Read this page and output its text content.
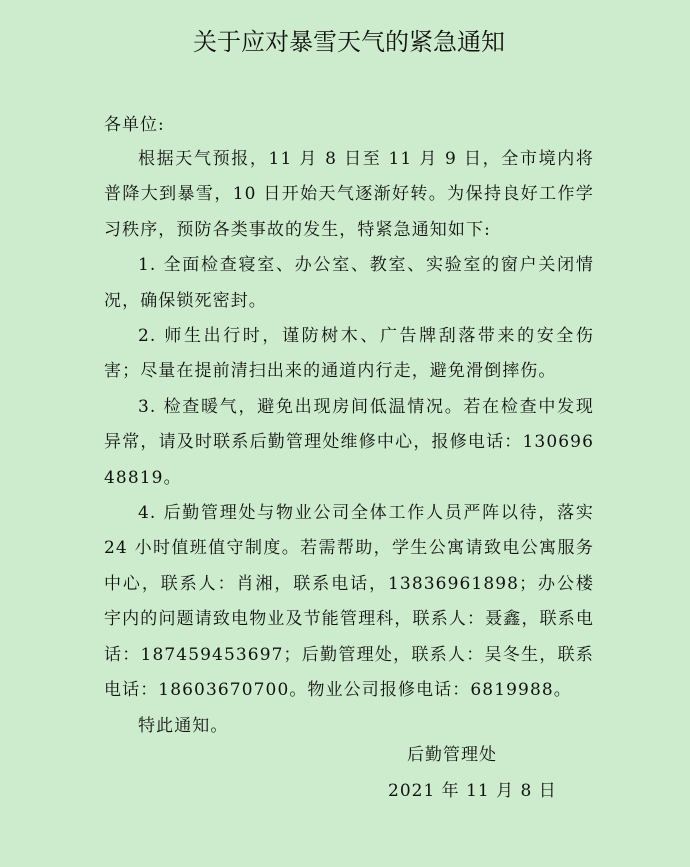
关于应对暴雪天气的紧急通知
各单位:
根据天气预报，11 月 8 日至 11 月 9 日，全市境内将普降大到暴雪，10 日开始天气逐渐好转。为保持良好工作学习秩序，预防各类事故的发生，特紧急通知如下:
1. 全面检查寝室、办公室、教室、实验室的窗户关闭情况，确保锁死密封。
2. 师生出行时，谨防树木、广告牌刮落带来的安全伤害；尽量在提前清扫出来的通道内行走，避免滑倒摔伤。
3. 检查暖气，避免出现房间低温情况。若在检查中发现异常，请及时联系后勤管理处维修中心，报修电话：13069648819。
4. 后勤管理处与物业公司全体工作人员严阵以待，落实 24 小时值班值守制度。若需帮助，学生公寓请致电公寓服务中心，联系人：肖湘，联系电话，13836961898；办公楼宇内的问题请致电物业及节能管理科，联系人：聂鑫，联系电话：187459453697；后勤管理处，联系人：吴冬生，联系电话：18603670700。物业公司报修电话：6819988。
特此通知。
后勤管理处
2021 年 11 月 8 日
